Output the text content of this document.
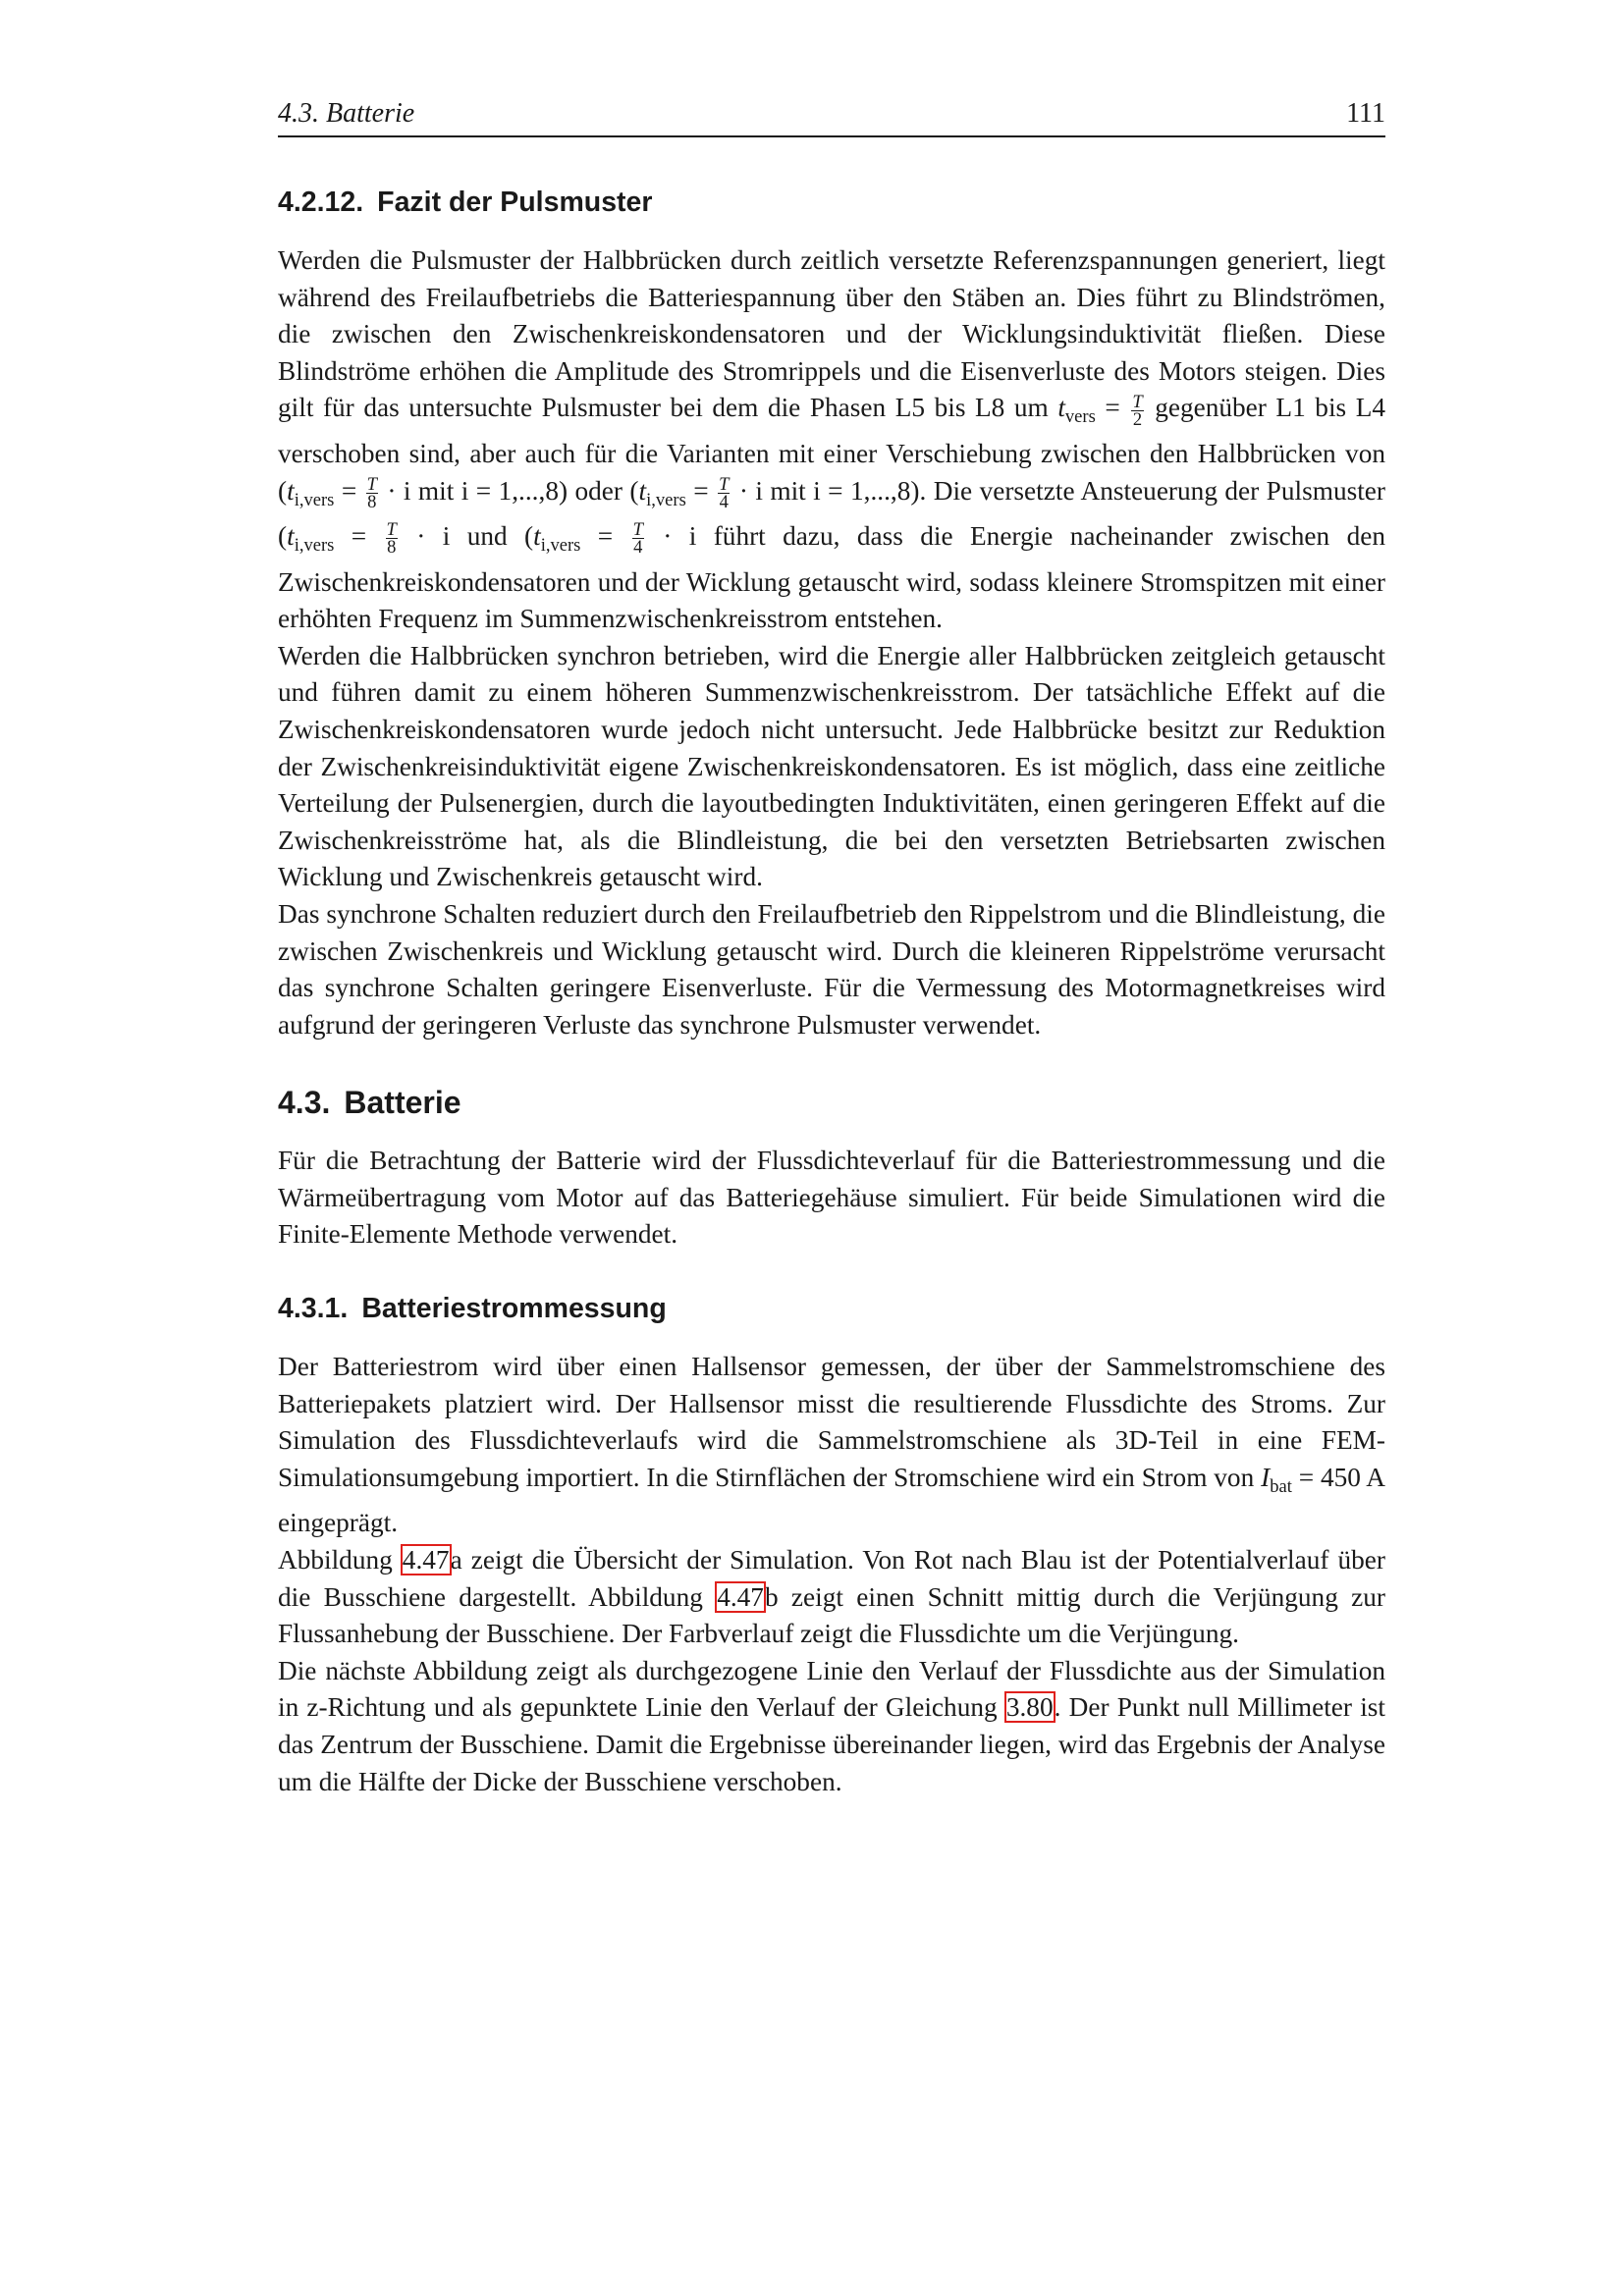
4.3. Batterie	111
4.2.12. Fazit der Pulsmuster

Werden die Pulsmuster der Halbbrücken durch zeitlich versetzte Referenzspannungen generiert, liegt während des Freilaufbetriebs die Batteriespannung über den Stäben an. Dies führt zu Blindströmen, die zwischen den Zwischenkreiskondensatoren und der Wicklungsinduktivität fließen. Diese Blindströme erhöhen die Amplitude des Stromrippels und die Eisenverluste des Motors steigen. Dies gilt für das untersuchte Pulsmuster bei dem die Phasen L5 bis L8 um $t_{vers} = \frac{T}{2}$ gegenüber L1 bis L4 verschoben sind, aber auch für die Varianten mit einer Verschiebung zwischen den Halbbrücken von ($t_{i,vers} = \frac{T}{8} \cdot i$ mit i = 1,...,8) oder ($t_{i,vers} = \frac{T}{4} \cdot i$ mit i = 1,...,8). Die versetzte Ansteuerung der Pulsmuster ($t_{i,vers} = \frac{T}{8} \cdot i$ und ($t_{i,vers} = \frac{T}{4} \cdot i$ führt dazu, dass die Energie nacheinander zwischen den Zwischenkreiskondensatoren und der Wicklung getauscht wird, sodass kleinere Stromspitzen mit einer erhöhten Frequenz im Summenzwischenkreisstrom entstehen.

Werden die Halbbrücken synchron betrieben, wird die Energie aller Halbbrücken zeitgleich getauscht und führen damit zu einem höheren Summenzwischenkreisstrom. Der tatsächliche Effekt auf die Zwischenkreiskondensatoren wurde jedoch nicht untersucht. Jede Halbbrücke besitzt zur Reduktion der Zwischenkreisinduktivität eigene Zwischenkreiskondensatoren. Es ist möglich, dass eine zeitliche Verteilung der Pulsenergien, durch die layoutbedingten Induktivitäten, einen geringeren Effekt auf die Zwischenkreisströme hat, als die Blindleistung, die bei den versetzten Betriebsarten zwischen Wicklung und Zwischenkreis getauscht wird.

Das synchrone Schalten reduziert durch den Freilaufbetrieb den Rippelstrom und die Blindleistung, die zwischen Zwischenkreis und Wicklung getauscht wird. Durch die kleineren Rippelströme verursacht das synchrone Schalten geringere Eisenverluste. Für die Vermessung des Motormagnetkreises wird aufgrund der geringeren Verluste das synchrone Pulsmuster verwendet.

4.3. Batterie

Für die Betrachtung der Batterie wird der Flussdichteverlauf für die Batteriestrommessung und die Wärmeübertragung vom Motor auf das Batteriegehäuse simuliert. Für beide Simulationen wird die Finite-Elemente Methode verwendet.

4.3.1. Batteriestrommessung

Der Batteriestrom wird über einen Hallsensor gemessen, der über der Sammelstromschiene des Batteriepakets platziert wird. Der Hallsensor misst die resultierende Flussdichte des Stroms. Zur Simulation des Flussdichteverlaufs wird die Sammelstromschiene als 3D-Teil in eine FEM-Simulationsumgebung importiert. In die Stirnflächen der Stromschiene wird ein Strom von $I_{bat} = 450$ A eingeprägt.

Abbildung 4.47a zeigt die Übersicht der Simulation. Von Rot nach Blau ist der Potentialverlauf über die Busschiene dargestellt. Abbildung 4.47b zeigt einen Schnitt mittig durch die Verjüngung zur Flussanhebung der Busschiene. Der Farbverlauf zeigt die Flussdichte um die Verjüngung.

Die nächste Abbildung zeigt als durchgezogene Linie den Verlauf der Flussdichte aus der Simulation in z-Richtung und als gepunktete Linie den Verlauf der Gleichung 3.80. Der Punkt null Millimeter ist das Zentrum der Busschiene. Damit die Ergebnisse übereinander liegen, wird das Ergebnis der Analyse um die Hälfte der Dicke der Busschiene verschoben.
